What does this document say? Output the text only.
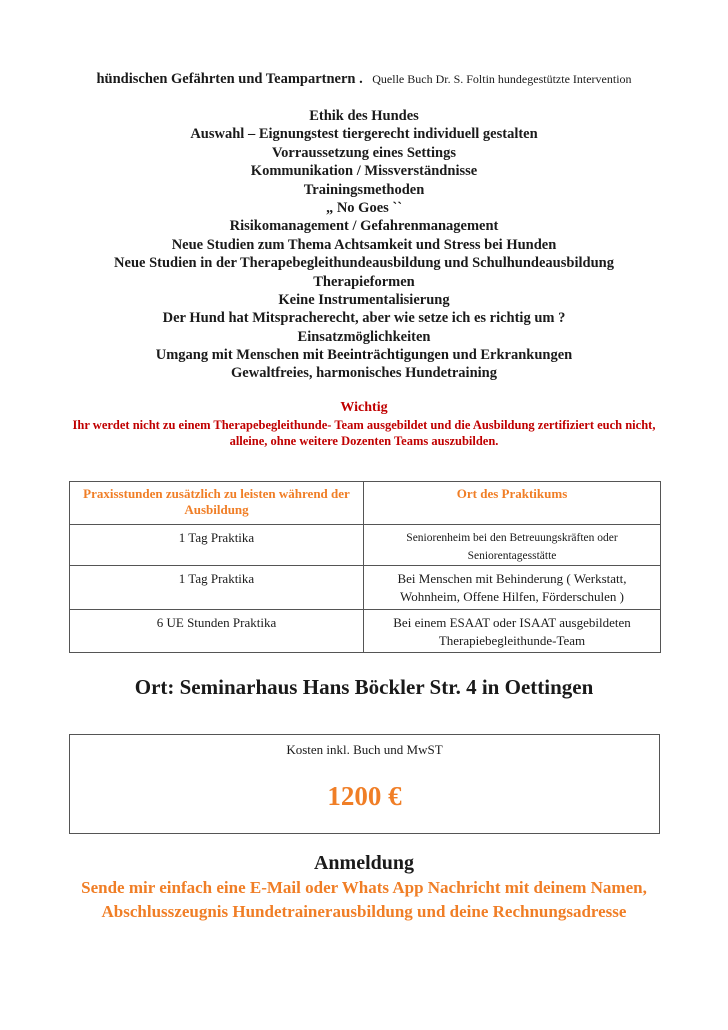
hündischen Gefährten und Teampartnern . Quelle Buch Dr. S. Foltin hundegestützte Intervention
Ethik des Hundes
Auswahl – Eignungstest tiergerecht individuell gestalten
Vorraussetzung eines Settings
Kommunikation / Missverständnisse
Trainingsmethoden
„ No Goes ``
Risikomanagement / Gefahrenmanagement
Neue Studien zum Thema Achtsamkeit und Stress bei Hunden
Neue Studien in der Therapebegleithundeausbildung und Schulhundeausbildung
Therapieformen
Keine Instrumentalisierung
Der Hund hat Mitspracherecht, aber wie setze ich es richtig um ?
Einsatzmöglichkeiten
Umgang mit Menschen mit Beeinträchtigungen und Erkrankungen
Gewaltfreies, harmonisches Hundetraining
Wichtig
Ihr werdet nicht zu einem Therapebegleithunde- Team ausgebildet und die Ausbildung zertifiziert euch nicht, alleine, ohne weitere Dozenten Teams auszubilden.
Praxisstunden zusätzlich zu leisten während der Ausbildung	Ort des Praktikums
1 Tag Praktika	Seniorenheim bei den Betreuungskräften oder Seniorentagesstätte
1 Tag Praktika	Bei Menschen mit Behinderung ( Werkstatt, Wohnheim, Offene Hilfen, Förderschulen )
6 UE Stunden Praktika	Bei einem ESAAT oder ISAAT ausgebildeten Therapiebegleithunde-Team
Ort: Seminarhaus Hans Böckler Str. 4 in Oettingen
Kosten inkl. Buch und MwST
1200 €
Anmeldung
Sende mir einfach eine E-Mail oder Whats App Nachricht mit deinem Namen, Abschlusszeugnis Hundetrainerausbildung und deine Rechnungsadresse
